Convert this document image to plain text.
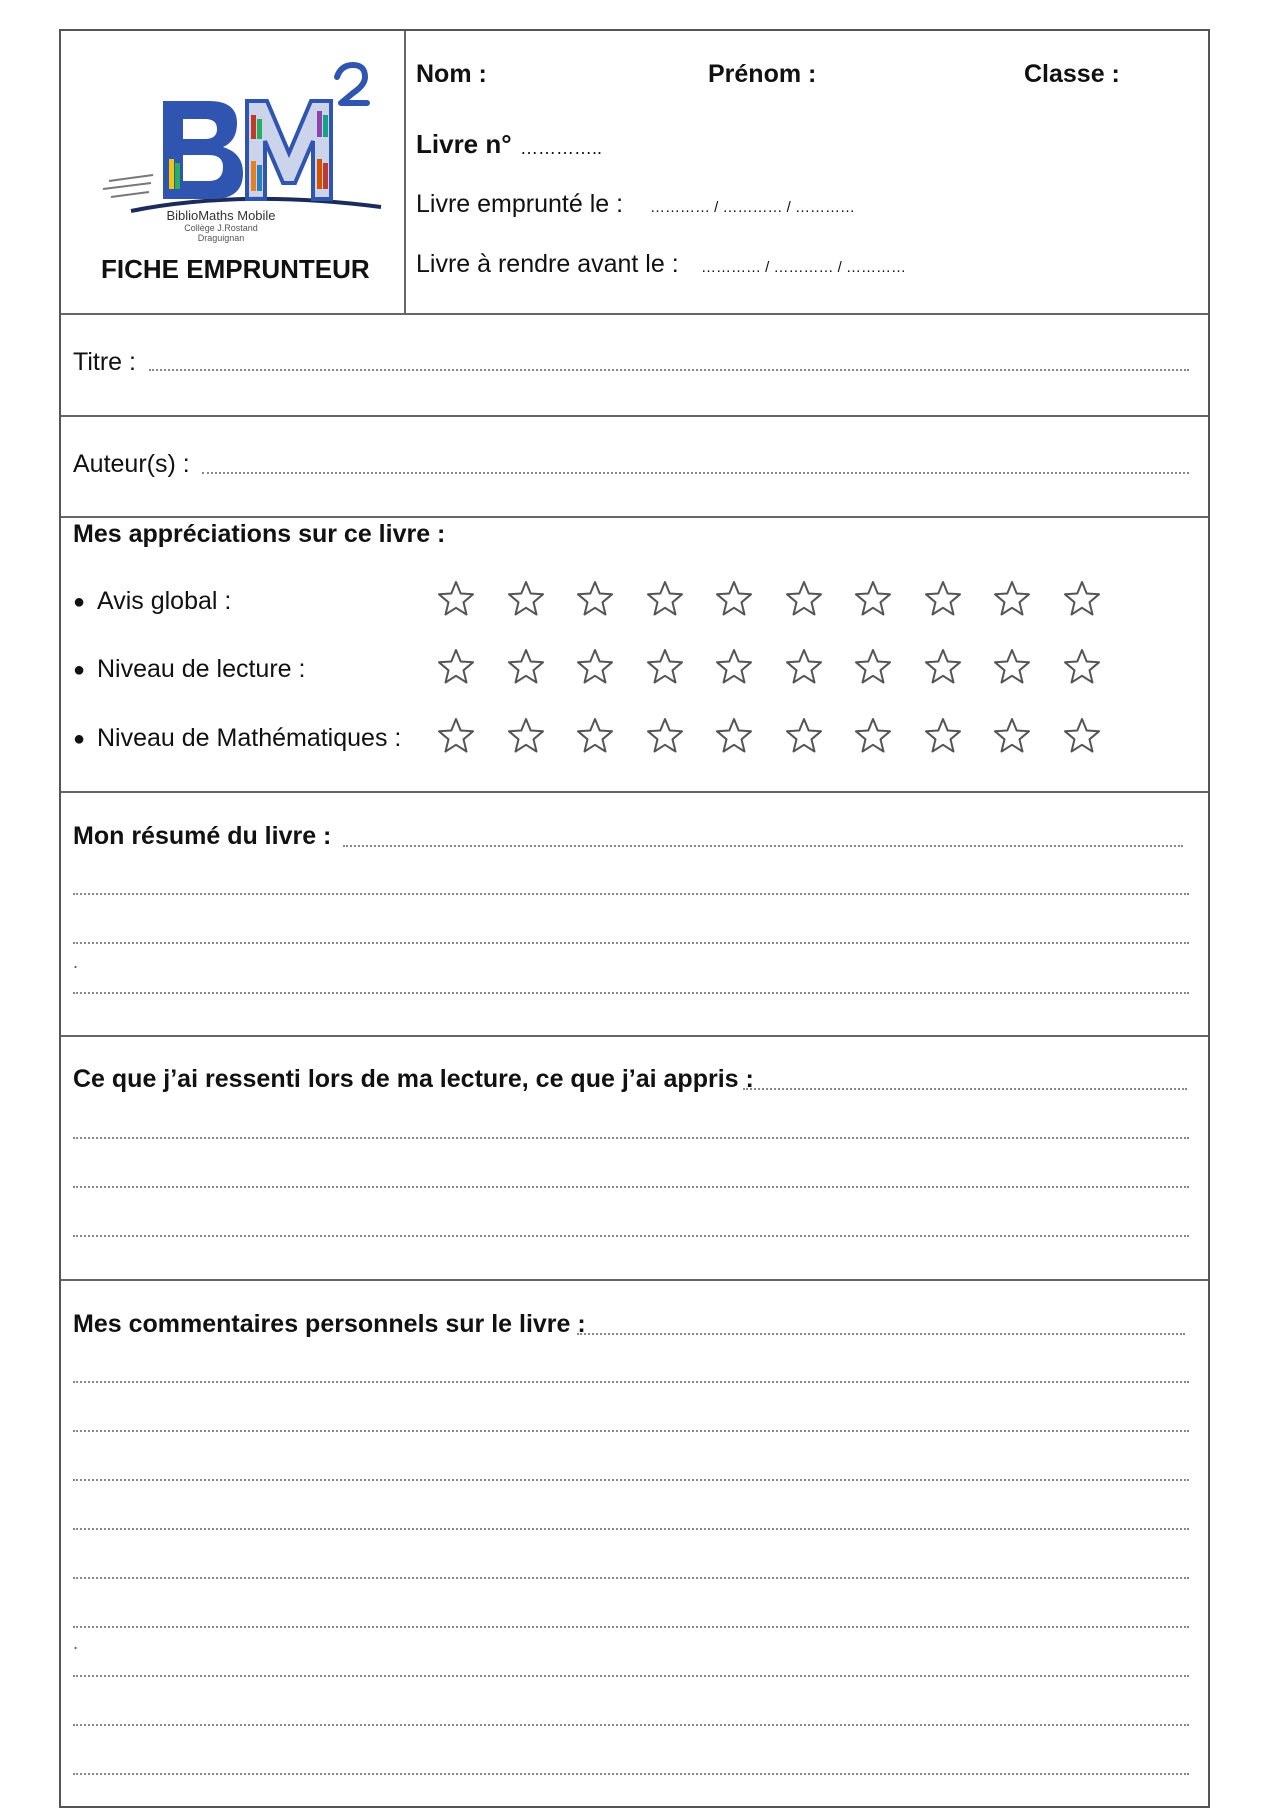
BiblioMaths Mobile
Collège J.Rostand
Draguignan
FICHE EMPRUNTEUR
Nom :	Prénom :	Classe :
Livre n° …………..
Livre emprunté le : ………… / ………… / …………
Livre à rendre avant le : ………… / ………… / …………
Titre :
Auteur(s) :
Mes appréciations sur ce livre :
● Avis global :
● Niveau de lecture :
● Niveau de Mathématiques :
Mon résumé du livre :
.
Ce que j’ai ressenti lors de ma lecture, ce que j’ai appris :
Mes commentaires personnels sur le livre :
.
